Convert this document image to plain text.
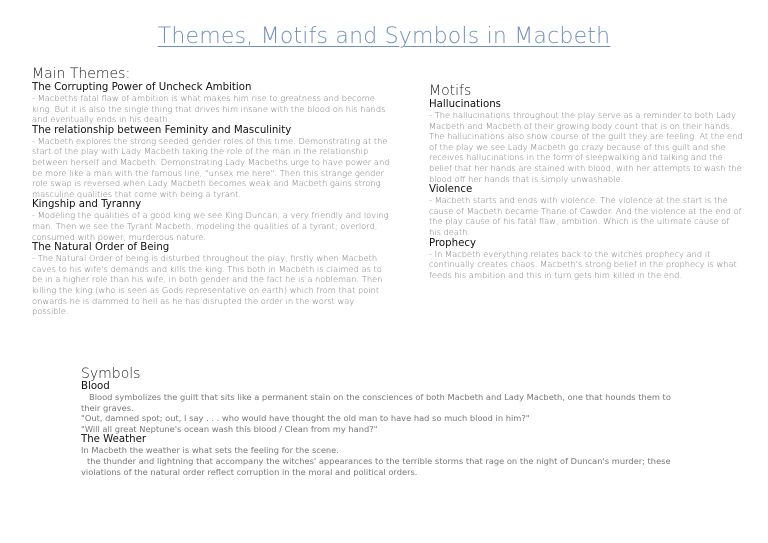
Themes, Motifs and Symbols in Macbeth
Main Themes:
The Corrupting Power of Uncheck Ambition
- Macbeths fatal flaw of ambition is what makes him rise to greatness and become king. But it is also the single thing that drives him insane with the blood on his hands and eventually ends in his death.
The relationship between Feminity and Masculinity
- Macbeth explores the strong seeded gender roles of this time. Demonstrating at the start of the play with Lady Macbeth taking the role of the man in the relationship between herself and Macbeth. Demonstrating Lady Macbeths urge to have power and be more like a man with the famous line, "unsex me here". Then this strange gender role swap is reversed when Lady Macbeth becomes weak and Macbeth gains strong masculine qualities that come with being a tyrant.
Kingship and Tyranny
- Modeling the qualities of a good king we see King Duncan; a very friendly and loving man. Then we see the Tyrant Macbeth, modeling the qualities of a tyrant; overlord, consumed with power, murderous nature.
The Natural Order of Being
- The Natural Order of being is disturbed throughout the play, firstly when Macbeth caves to his wife's demands and kills the king. This both in Macbeth is claimed as to be in a higher role than his wife, in both gender and the fact he is a nobleman. Then killing the king (who is seen as Gods representative on earth) which from that point onwards he is dammed to hell as he has disrupted the order in the worst way possible.
Motifs
Hallucinations
- The hallucinations throughout the play serve as a reminder to both Lady Macbeth and Macbeth of their growing body count that is on their hands. The hallucinations also show course of the guilt they are feeling. At the end of the play we see Lady Macbeth go crazy because of this guilt and she receives hallucinations in the form of sleepwalking and talking and the belief that her hands are stained with blood, with her attempts to wash the blood off her hands that is simply unwashable.
Violence
- Macbeth starts and ends with violence. The violence at the start is the cause of Macbeth became Thane of Cawdor. And the violence at the end of the play cause of his fatal flaw, ambition. Which is the ultimate cause of his death.
Prophecy
- In Macbeth everything relates back to the witches prophecy and it continually creates chaos. Macbeth's strong belief in the prophecy is what feeds his ambition and this in turn gets him killed in the end.
Symbols
Blood
Blood symbolizes the guilt that sits like a permanent stain on the consciences of both Macbeth and Lady Macbeth, one that hounds them to their graves.
"Out, damned spot; out, I say . . . who would have thought the old man to have had so much blood in him?"
"Will all great Neptune's ocean wash this blood / Clean from my hand?"
The Weather
In Macbeth the weather is what sets the feeling for the scene.
the thunder and lightning that accompany the witches' appearances to the terrible storms that rage on the night of Duncan's murder; these violations of the natural order reflect corruption in the moral and political orders.
